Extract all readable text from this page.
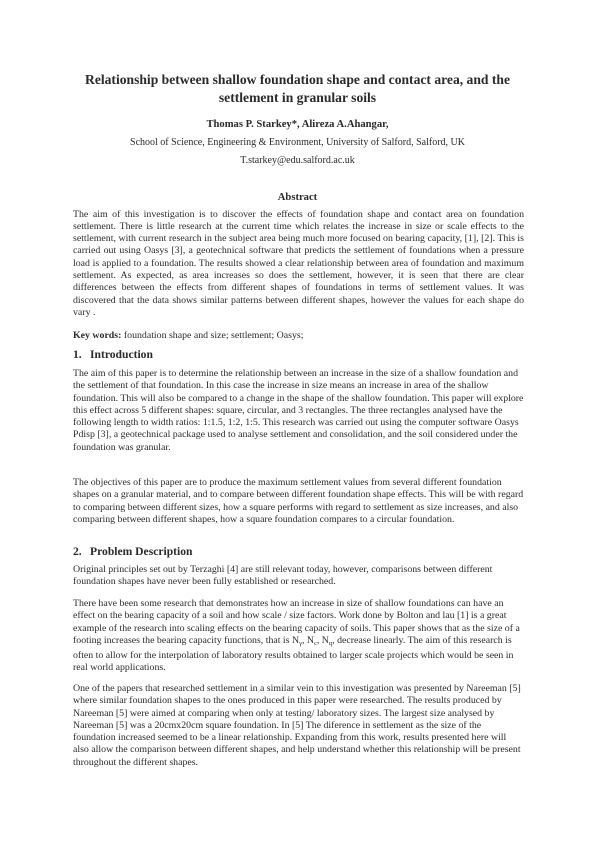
Relationship between shallow foundation shape and contact area, and the settlement in granular soils

Thomas P. Starkey*, Alireza A.Ahangar,

School of Science, Engineering & Environment, University of Salford, Salford, UK

T.starkey@edu.salford.ac.uk

Abstract

The aim of this investigation is to discover the effects of foundation shape and contact area on foundation settlement. There is little research at the current time which relates the increase in size or scale effects to the settlement, with current research in the subject area being much more focused on bearing capacity, [1], [2]. This is carried out using Oasys [3], a geotechnical software that predicts the settlement of foundations when a pressure load is applied to a foundation. The results showed a clear relationship between area of foundation and maximum settlement. As expected, as area increases so does the settlement, however, it is seen that there are clear differences between the effects from different shapes of foundations in terms of settlement values. It was discovered that the data shows similar patterns between different shapes, however the values for each shape do vary .

Key words: foundation shape and size; settlement; Oasys;

1. Introduction

The aim of this paper is to determine the relationship between an increase in the size of a shallow foundation and the settlement of that foundation. In this case the increase in size means an increase in area of the shallow foundation. This will also be compared to a change in the shape of the shallow foundation. This paper will explore this effect across 5 different shapes: square, circular, and 3 rectangles. The three rectangles analysed have the following length to width ratios: 1:1.5, 1:2, 1:5. This research was carried out using the computer software Oasys Pdisp [3], a geotechnical package used to analyse settlement and consolidation, and the soil considered under the foundation was granular.

The objectives of this paper are to produce the maximum settlement values from several different foundation shapes on a granular material, and to compare between different foundation shape effects. This will be with regard to comparing between different sizes, how a square performs with regard to settlement as size increases, and also comparing between different shapes, how a square foundation compares to a circular foundation.

2. Problem Description

Original principles set out by Terzaghi [4] are still relevant today, however, comparisons between different foundation shapes have never been fully established or researched.

There have been some research that demonstrates how an increase in size of shallow foundations can have an effect on the bearing capacity of a soil and how scale / size factors. Work done by Bolton and lau [1] is a great example of the research into scaling effects on the bearing capacity of soils. This paper shows that as the size of a footing increases the bearing capacity functions, that is $N_\gamma$, $N_c$, $N_q$, decrease linearly. The aim of this research is often to allow for the interpolation of laboratory results obtained to larger scale projects which would be seen in real world applications.

One of the papers that researched settlement in a similar vein to this investigation was presented by Nareeman [5] where similar foundation shapes to the ones produced in this paper were researched. The results produced by Nareeman [5] were aimed at comparing when only at testing/ laboratory sizes. The largest size analysed by Nareeman [5] was a 20cmx20cm square foundation. In [5] The diference in settlement as the size of the foundation increased seemed to be a linear relationship. Expanding from this work, results presented here will also allow the comparison between different shapes, and help understand whether this relationship will be present throughout the different shapes.
